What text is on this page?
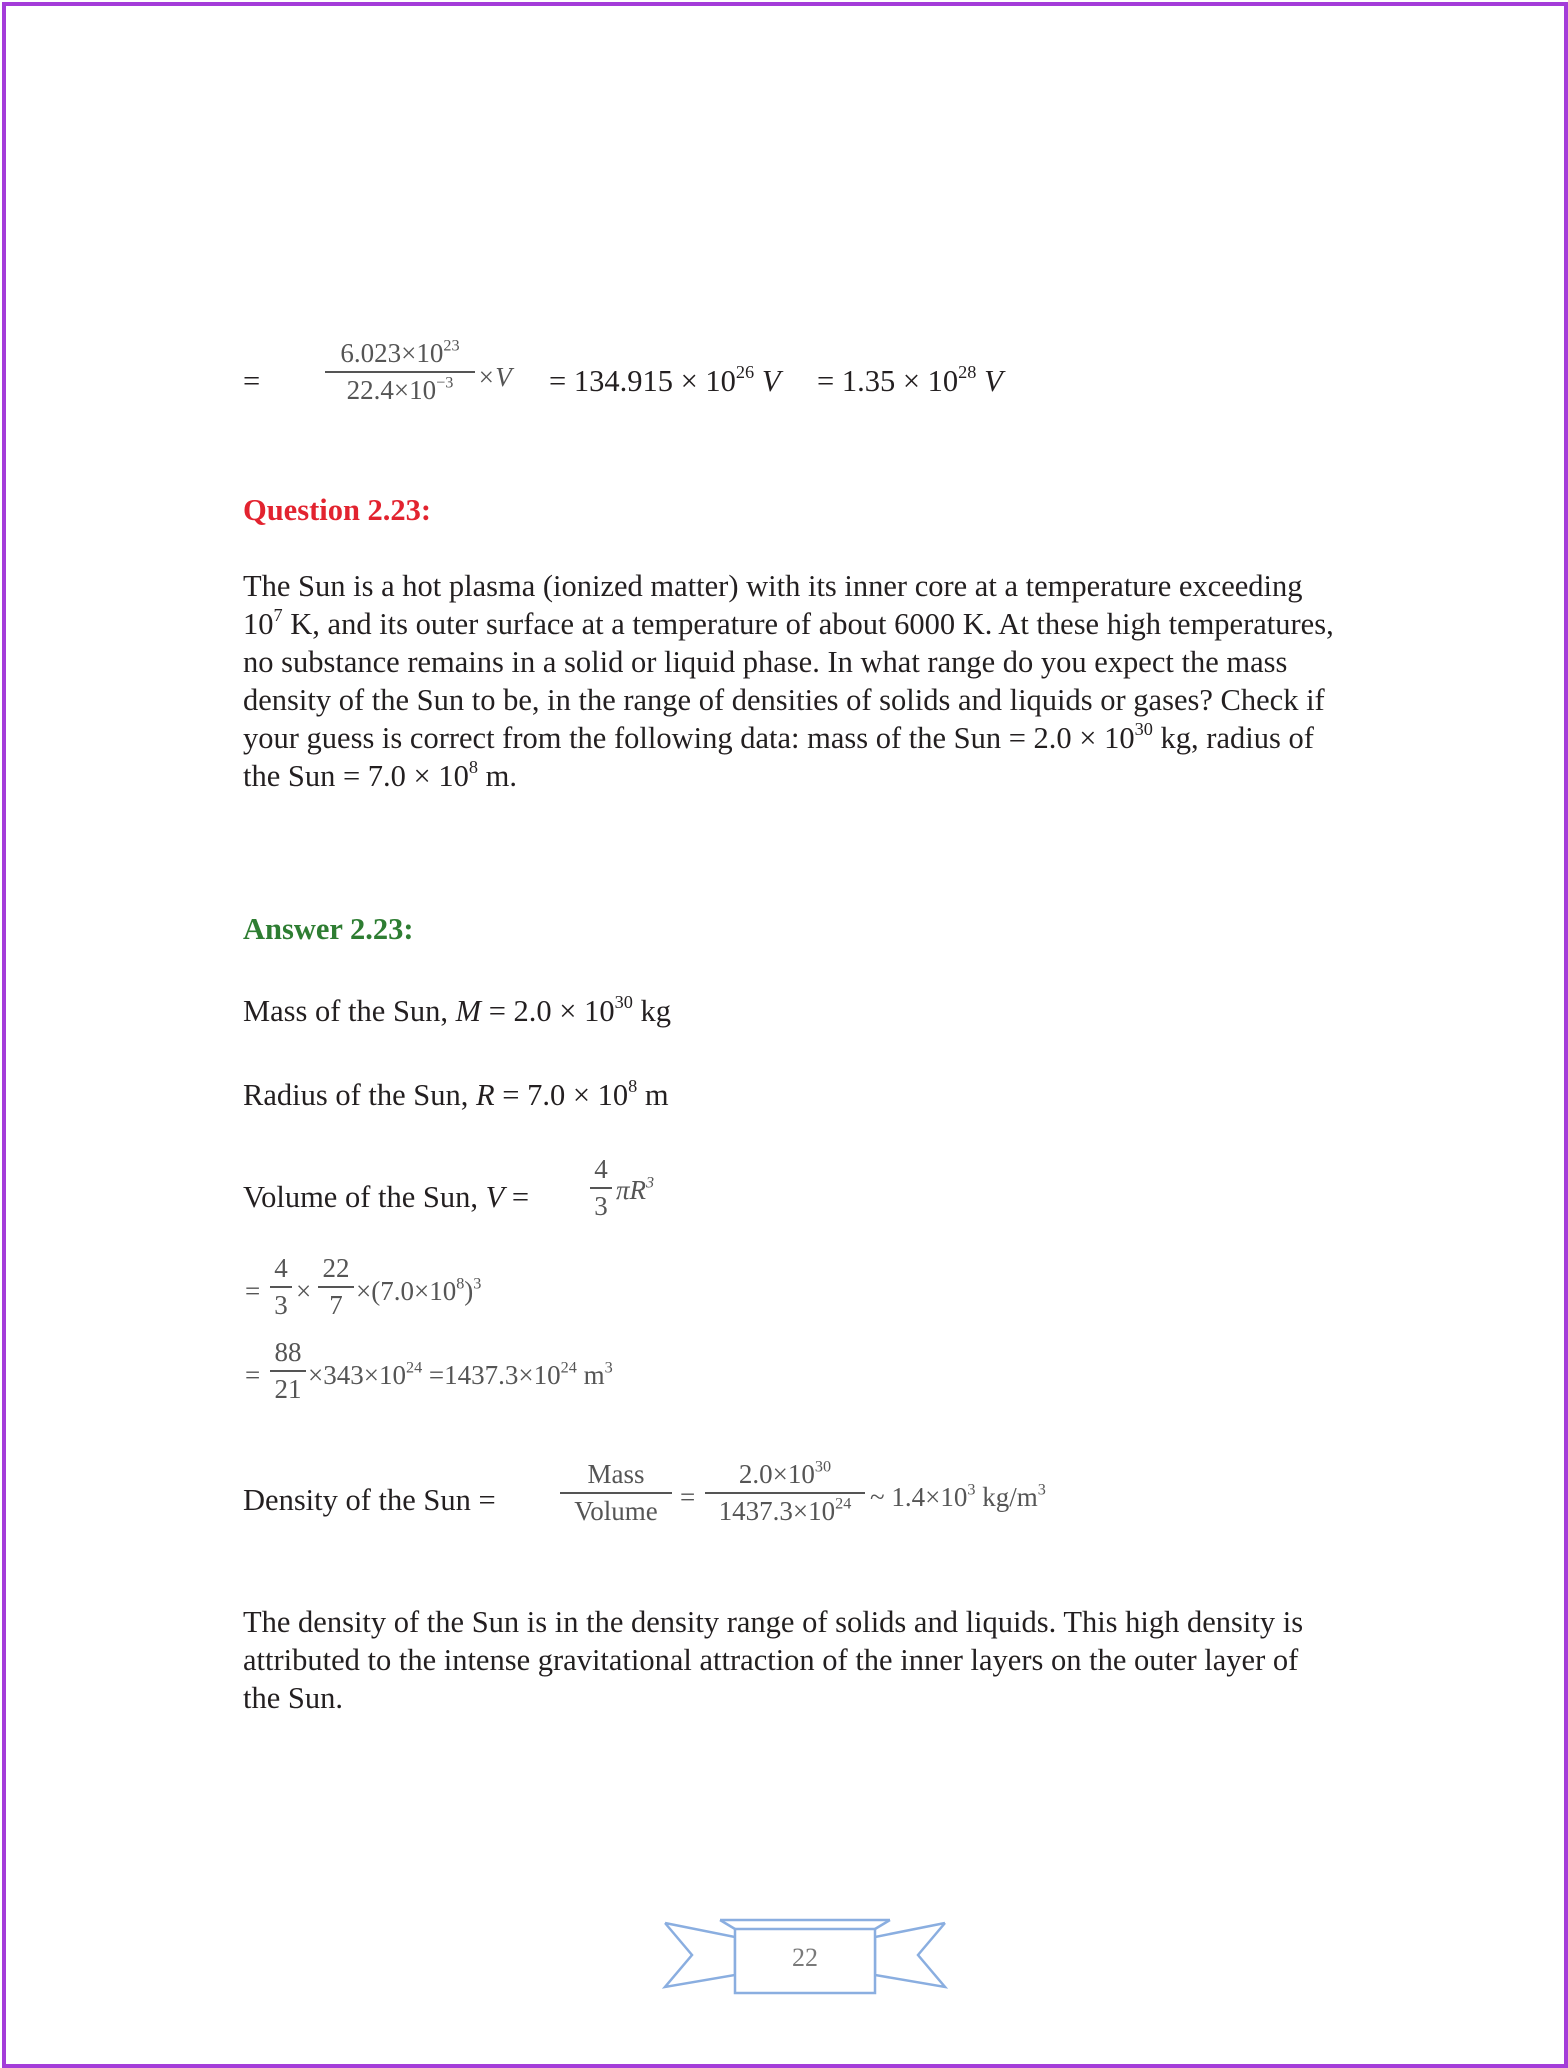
=
$6.023\times 10^{23}$
$22.4\times 10^{-3} \times V = 134.915 \times 10^{26}$ $V = 1.35 \times 10^{28}$ V
Question 2.23:
The Sun is a hot plasma (ionized matter) with its inner core at a temperature exceeding
$10^7$ K, and its outer surface at a temperature of about 6000 K. At these high temperatures,
no substance remains in a solid or liquid phase. In what range do you expect the mass
density of the Sun to be, in the range of densities of solids and liquids or gases? Check if
your guess is correct from the following data: mass of the Sun = $2.0 \times 10^{30}$ kg, radius of
the Sun = $7.0 \times 10^8$ m.
Answer 2.23:
Mass of the Sun, $M = 2.0 \times 10^{30}$ kg
Radius of the Sun, $R = 7.0 \times 10^8$ m
Volume of the Sun, V =
4
3
$\pi R^3$
=
4
3 ×
22
$7 \times(7.0\times 10^8)^3$
=
88
$21 \times 343\times 10^{24} =1437.3\times 10^{24}$ $m^3$
Density of the Sun =
Mass
Volume =
$2.0\times 10^{30}$
$1437.3\times 10^{24}$ ~ $1.4\times 10^3$ $kg/m^3$
The density of the Sun is in the density range of solids and liquids. This high density is
attributed to the intense gravitational attraction of the inner layers on the outer layer of
the Sun.
22
